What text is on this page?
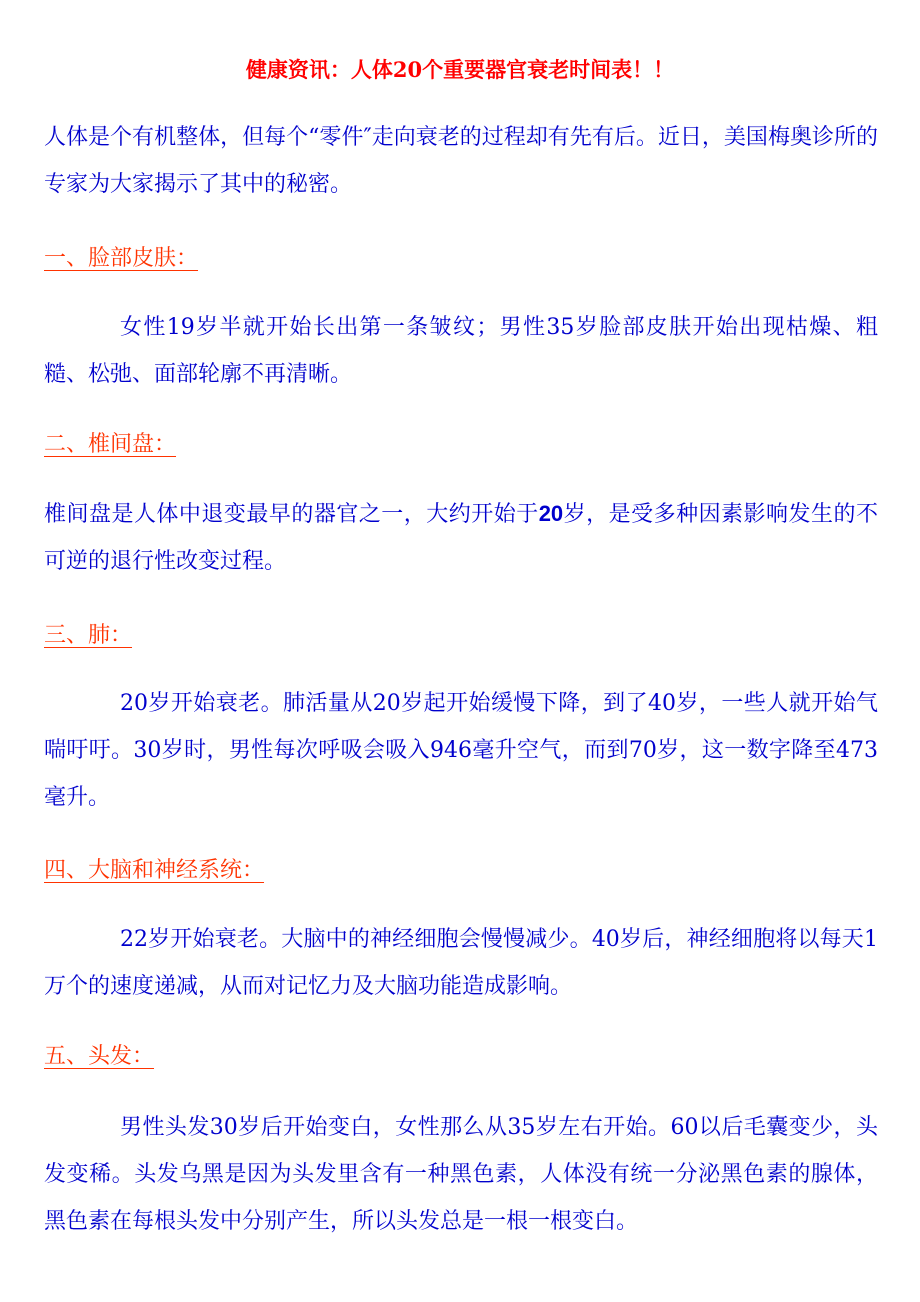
健康资讯：人体20个重要器官衰老时间表！！

人体是个有机整体，但每个“零件″走向衰老的过程却有先有后。近日，美国梅奥诊所的专家为大家揭示了其中的秘密。

一、脸部皮肤：

女性19岁半就开始长出第一条皱纹；男性35岁脸部皮肤开始出现枯燥、粗糙、松弛、面部轮廓不再清晰。

二、椎间盘：

椎间盘是人体中退变最早的器官之一，大约开始于20岁，是受多种因素影响发生的不可逆的退行性改变过程。

三、肺：

20岁开始衰老。肺活量从20岁起开始缓慢下降，到了40岁，一些人就开始气喘吁吁。30岁时，男性每次呼吸会吸入946毫升空气，而到70岁，这一数字降至473毫升。

四、大脑和神经系统：

22岁开始衰老。大脑中的神经细胞会慢慢减少。40岁后，神经细胞将以每天1万个的速度递减，从而对记忆力及大脑功能造成影响。

五、头发：

男性头发30岁后开始变白，女性那么从35岁左右开始。60以后毛囊变少，头发变稀。头发乌黑是因为头发里含有一种黑色素，人体没有统一分泌黑色素的腺体，黑色素在每根头发中分别产生，所以头发总是一根一根变白。
